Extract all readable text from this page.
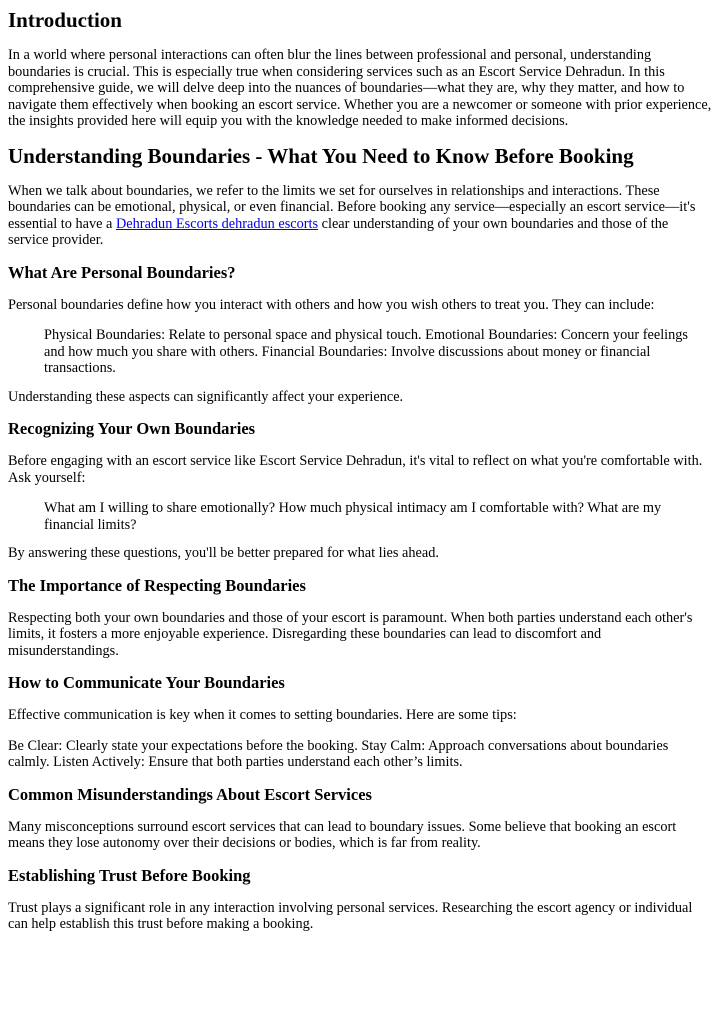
Introduction

In a world where personal interactions can often blur the lines between professional and personal, understanding boundaries is crucial. This is especially true when considering services such as an Escort Service Dehradun. In this comprehensive guide, we will delve deep into the nuances of boundaries—what they are, why they matter, and how to navigate them effectively when booking an escort service. Whether you are a newcomer or someone with prior experience, the insights provided here will equip you with the knowledge needed to make informed decisions.

Understanding Boundaries - What You Need to Know Before Booking

When we talk about boundaries, we refer to the limits we set for ourselves in relationships and interactions. These boundaries can be emotional, physical, or even financial. Before booking any service—especially an escort service—it's essential to have a Dehradun Escorts dehradun escorts clear understanding of your own boundaries and those of the service provider.

What Are Personal Boundaries?

Personal boundaries define how you interact with others and how you wish others to treat you. They can include:

Physical Boundaries: Relate to personal space and physical touch. Emotional Boundaries: Concern your feelings and how much you share with others. Financial Boundaries: Involve discussions about money or financial transactions.

Understanding these aspects can significantly affect your experience.

Recognizing Your Own Boundaries

Before engaging with an escort service like Escort Service Dehradun, it's vital to reflect on what you're comfortable with. Ask yourself:

What am I willing to share emotionally? How much physical intimacy am I comfortable with? What are my financial limits?

By answering these questions, you'll be better prepared for what lies ahead.

The Importance of Respecting Boundaries

Respecting both your own boundaries and those of your escort is paramount. When both parties understand each other's limits, it fosters a more enjoyable experience. Disregarding these boundaries can lead to discomfort and misunderstandings.

How to Communicate Your Boundaries

Effective communication is key when it comes to setting boundaries. Here are some tips:

Be Clear: Clearly state your expectations before the booking. Stay Calm: Approach conversations about boundaries calmly. Listen Actively: Ensure that both parties understand each other’s limits.

Common Misunderstandings About Escort Services

Many misconceptions surround escort services that can lead to boundary issues. Some believe that booking an escort means they lose autonomy over their decisions or bodies, which is far from reality.

Establishing Trust Before Booking

Trust plays a significant role in any interaction involving personal services. Researching the escort agency or individual can help establish this trust before making a booking.
